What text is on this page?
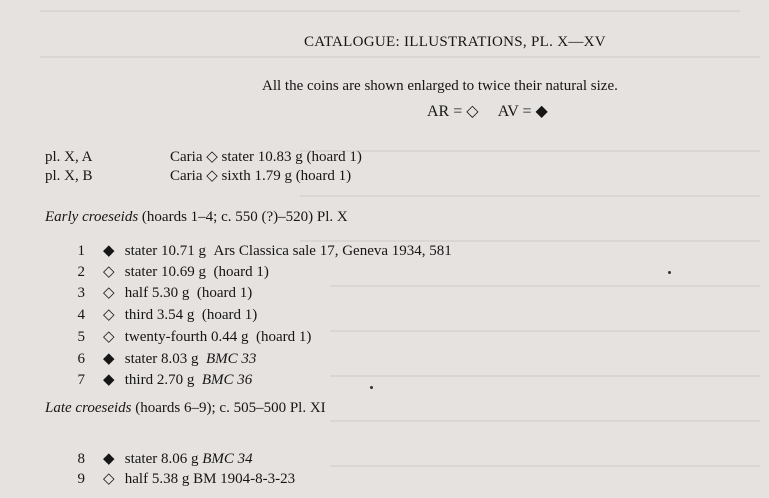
CATALOGUE: ILLUSTRATIONS, PL. X—XV
All the coins are shown enlarged to twice their natural size.
AR = ◇ AV = ◆
pl. X, A	Caria ◇ stater 10.83 g (hoard 1)
pl. X, B	Caria ◇ sixth 1.79 g (hoard 1)
Early croeseids (hoards 1–4; c. 550 (?)–520) Pl. X
1 ◆ stater 10.71 g Ars Classica sale 17, Geneva 1934, 581
2 ◇ stater 10.69 g (hoard 1)
3 ◇ half 5.30 g (hoard 1)
4 ◇ third 3.54 g (hoard 1)
5 ◇ twenty-fourth 0.44 g (hoard 1)
6 ◆ stater 8.03 g BMC 33
7 ◆ third 2.70 g BMC 36
Late croeseids (hoards 6–9); c. 505–500 Pl. XI
8 ◆ stater 8.06 g BMC 34
9 ◇ half 5.38 g BM 1904-8-3-23
